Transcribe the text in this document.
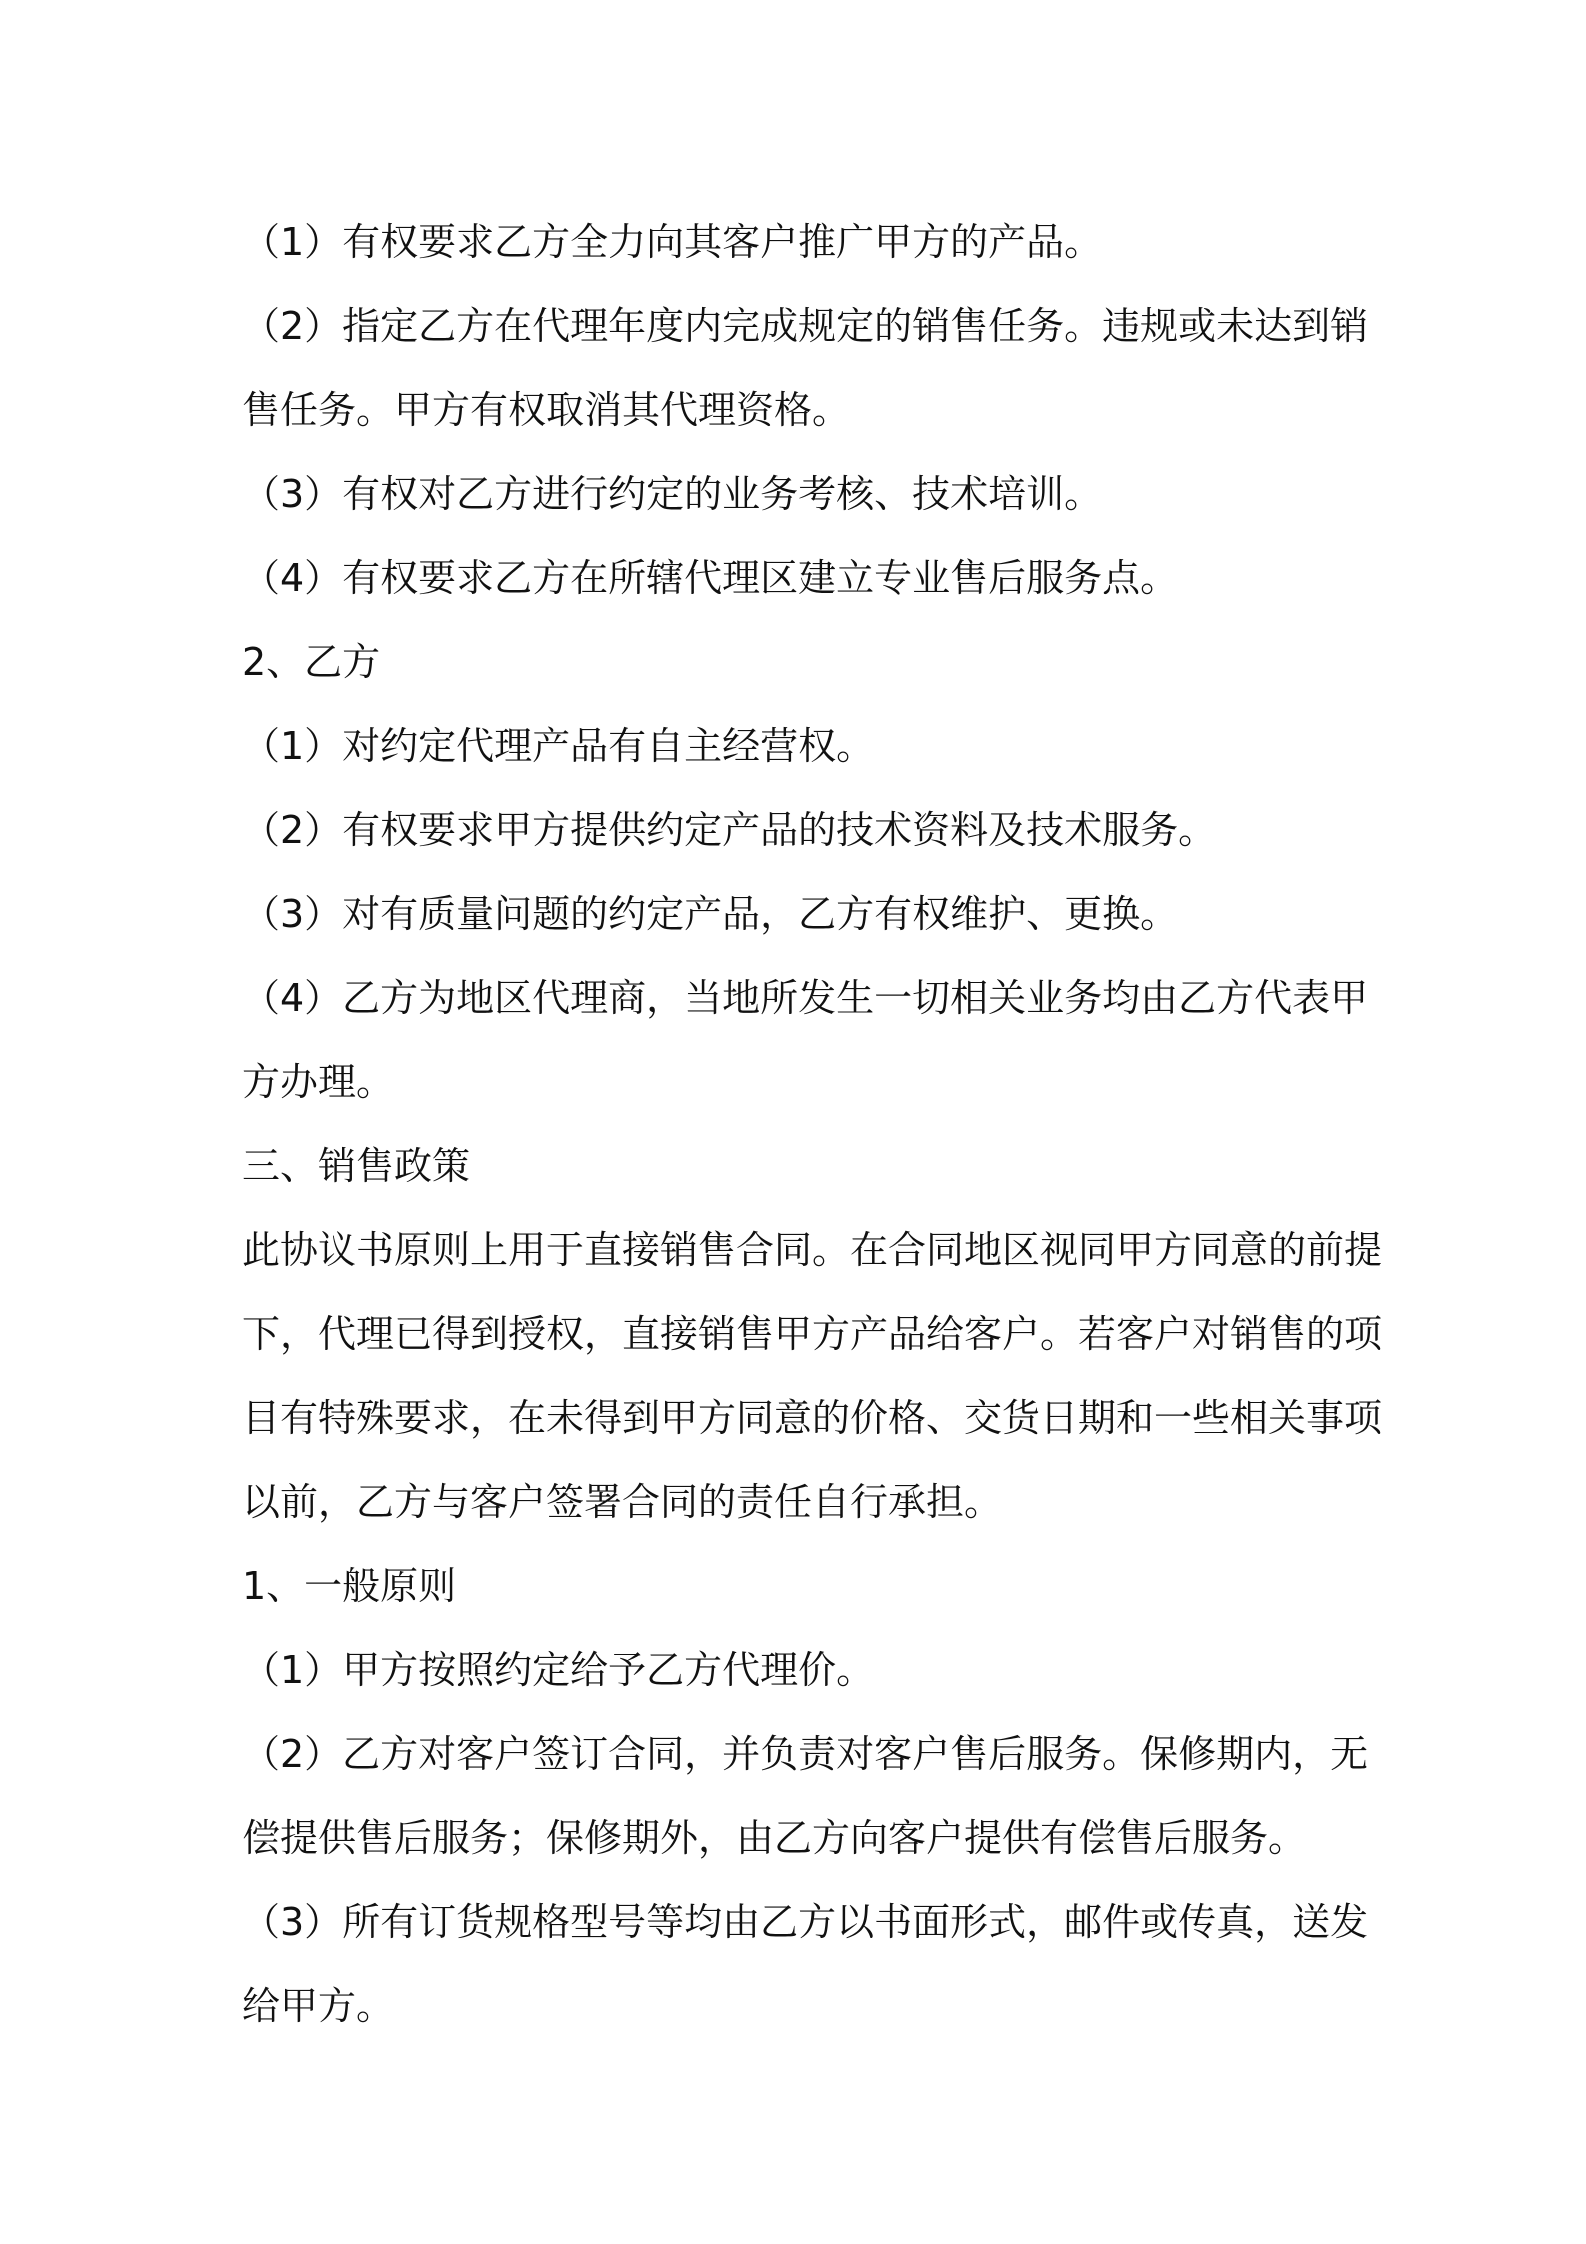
（1）有权要求乙方全力向其客户推广甲方的产品。
（2）指定乙方在代理年度内完成规定的销售任务。违规或未达到销
售任务。甲方有权取消其代理资格。
（3）有权对乙方进行约定的业务考核、技术培训。
（4）有权要求乙方在所辖代理区建立专业售后服务点。
2、乙方
（1）对约定代理产品有自主经营权。
（2）有权要求甲方提供约定产品的技术资料及技术服务。
（3）对有质量问题的约定产品，乙方有权维护、更换。
（4）乙方为地区代理商，当地所发生一切相关业务均由乙方代表甲
方办理。
三、销售政策
此协议书原则上用于直接销售合同。在合同地区视同甲方同意的前提
下，代理已得到授权，直接销售甲方产品给客户。若客户对销售的项
目有特殊要求，在未得到甲方同意的价格、交货日期和一些相关事项
以前，乙方与客户签署合同的责任自行承担。
1、一般原则
（1）甲方按照约定给予乙方代理价。
（2）乙方对客户签订合同，并负责对客户售后服务。保修期内，无
偿提供售后服务；保修期外，由乙方向客户提供有偿售后服务。
（3）所有订货规格型号等均由乙方以书面形式，邮件或传真，送发
给甲方。
